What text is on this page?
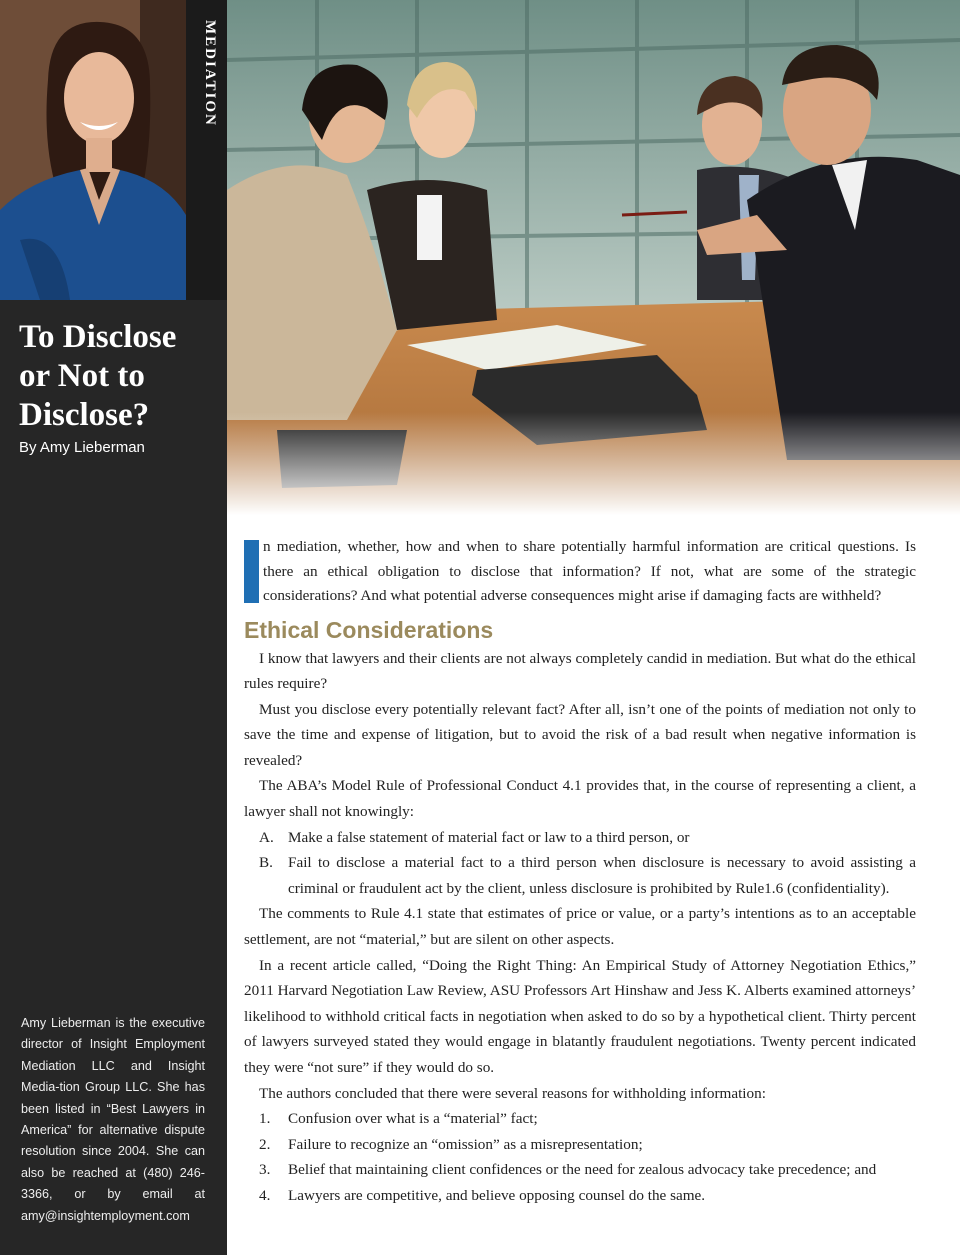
MEDIATION
To Disclose
or Not to
Disclose?
By Amy Lieberman
Amy Lieberman is the executive director of Insight Employment Mediation LLC and Insight Media-tion Group LLC. She has been listed in “Best Lawyers in America” for alternative dispute resolution since 2004. She can also be reached at (480) 246-3366, or by email at amy@insightemployment.com

n mediation, whether, how and when to share potentially harmful information are critical questions. Is there an ethical obligation to disclose that information? If not, what are some of the strategic considerations? And what potential adverse consequences might arise if damaging facts are withheld?

Ethical Considerations

I know that lawyers and their clients are not always completely candid in mediation. But what do the ethical rules require?

Must you disclose every potentially relevant fact? After all, isn’t one of the points of mediation not only to save the time and expense of litigation, but to avoid the risk of a bad result when negative information is revealed?

The ABA’s Model Rule of Professional Conduct 4.1 provides that, in the course of representing a client, a lawyer shall not knowingly:

A. Make a false statement of material fact or law to a third person, or
B. Fail to disclose a material fact to a third person when disclosure is necessary to avoid assisting a criminal or fraudulent act by the client, unless disclosure is prohibited by Rule1.6 (confidentiality).

The comments to Rule 4.1 state that estimates of price or value, or a party’s intentions as to an acceptable settlement, are not “material,” but are silent on other aspects.

In a recent article called, “Doing the Right Thing: An Empirical Study of Attorney Negotiation Ethics,” 2011 Harvard Negotiation Law Review, ASU Professors Art Hinshaw and Jess K. Alberts examined attorneys’ likelihood to withhold critical facts in negotiation when asked to do so by a hypothetical client. Thirty percent of lawyers surveyed stated they would engage in blatantly fraudulent negotiations. Twenty percent indicated they were “not sure” if they would do so.

The authors concluded that there were several reasons for withholding information:

1. Confusion over what is a “material” fact;
2. Failure to recognize an “omission” as a misrepresentation;
3. Belief that maintaining client confidences or the need for zealous advocacy take precedence; and
4. Lawyers are competitive, and believe opposing counsel do the same.
